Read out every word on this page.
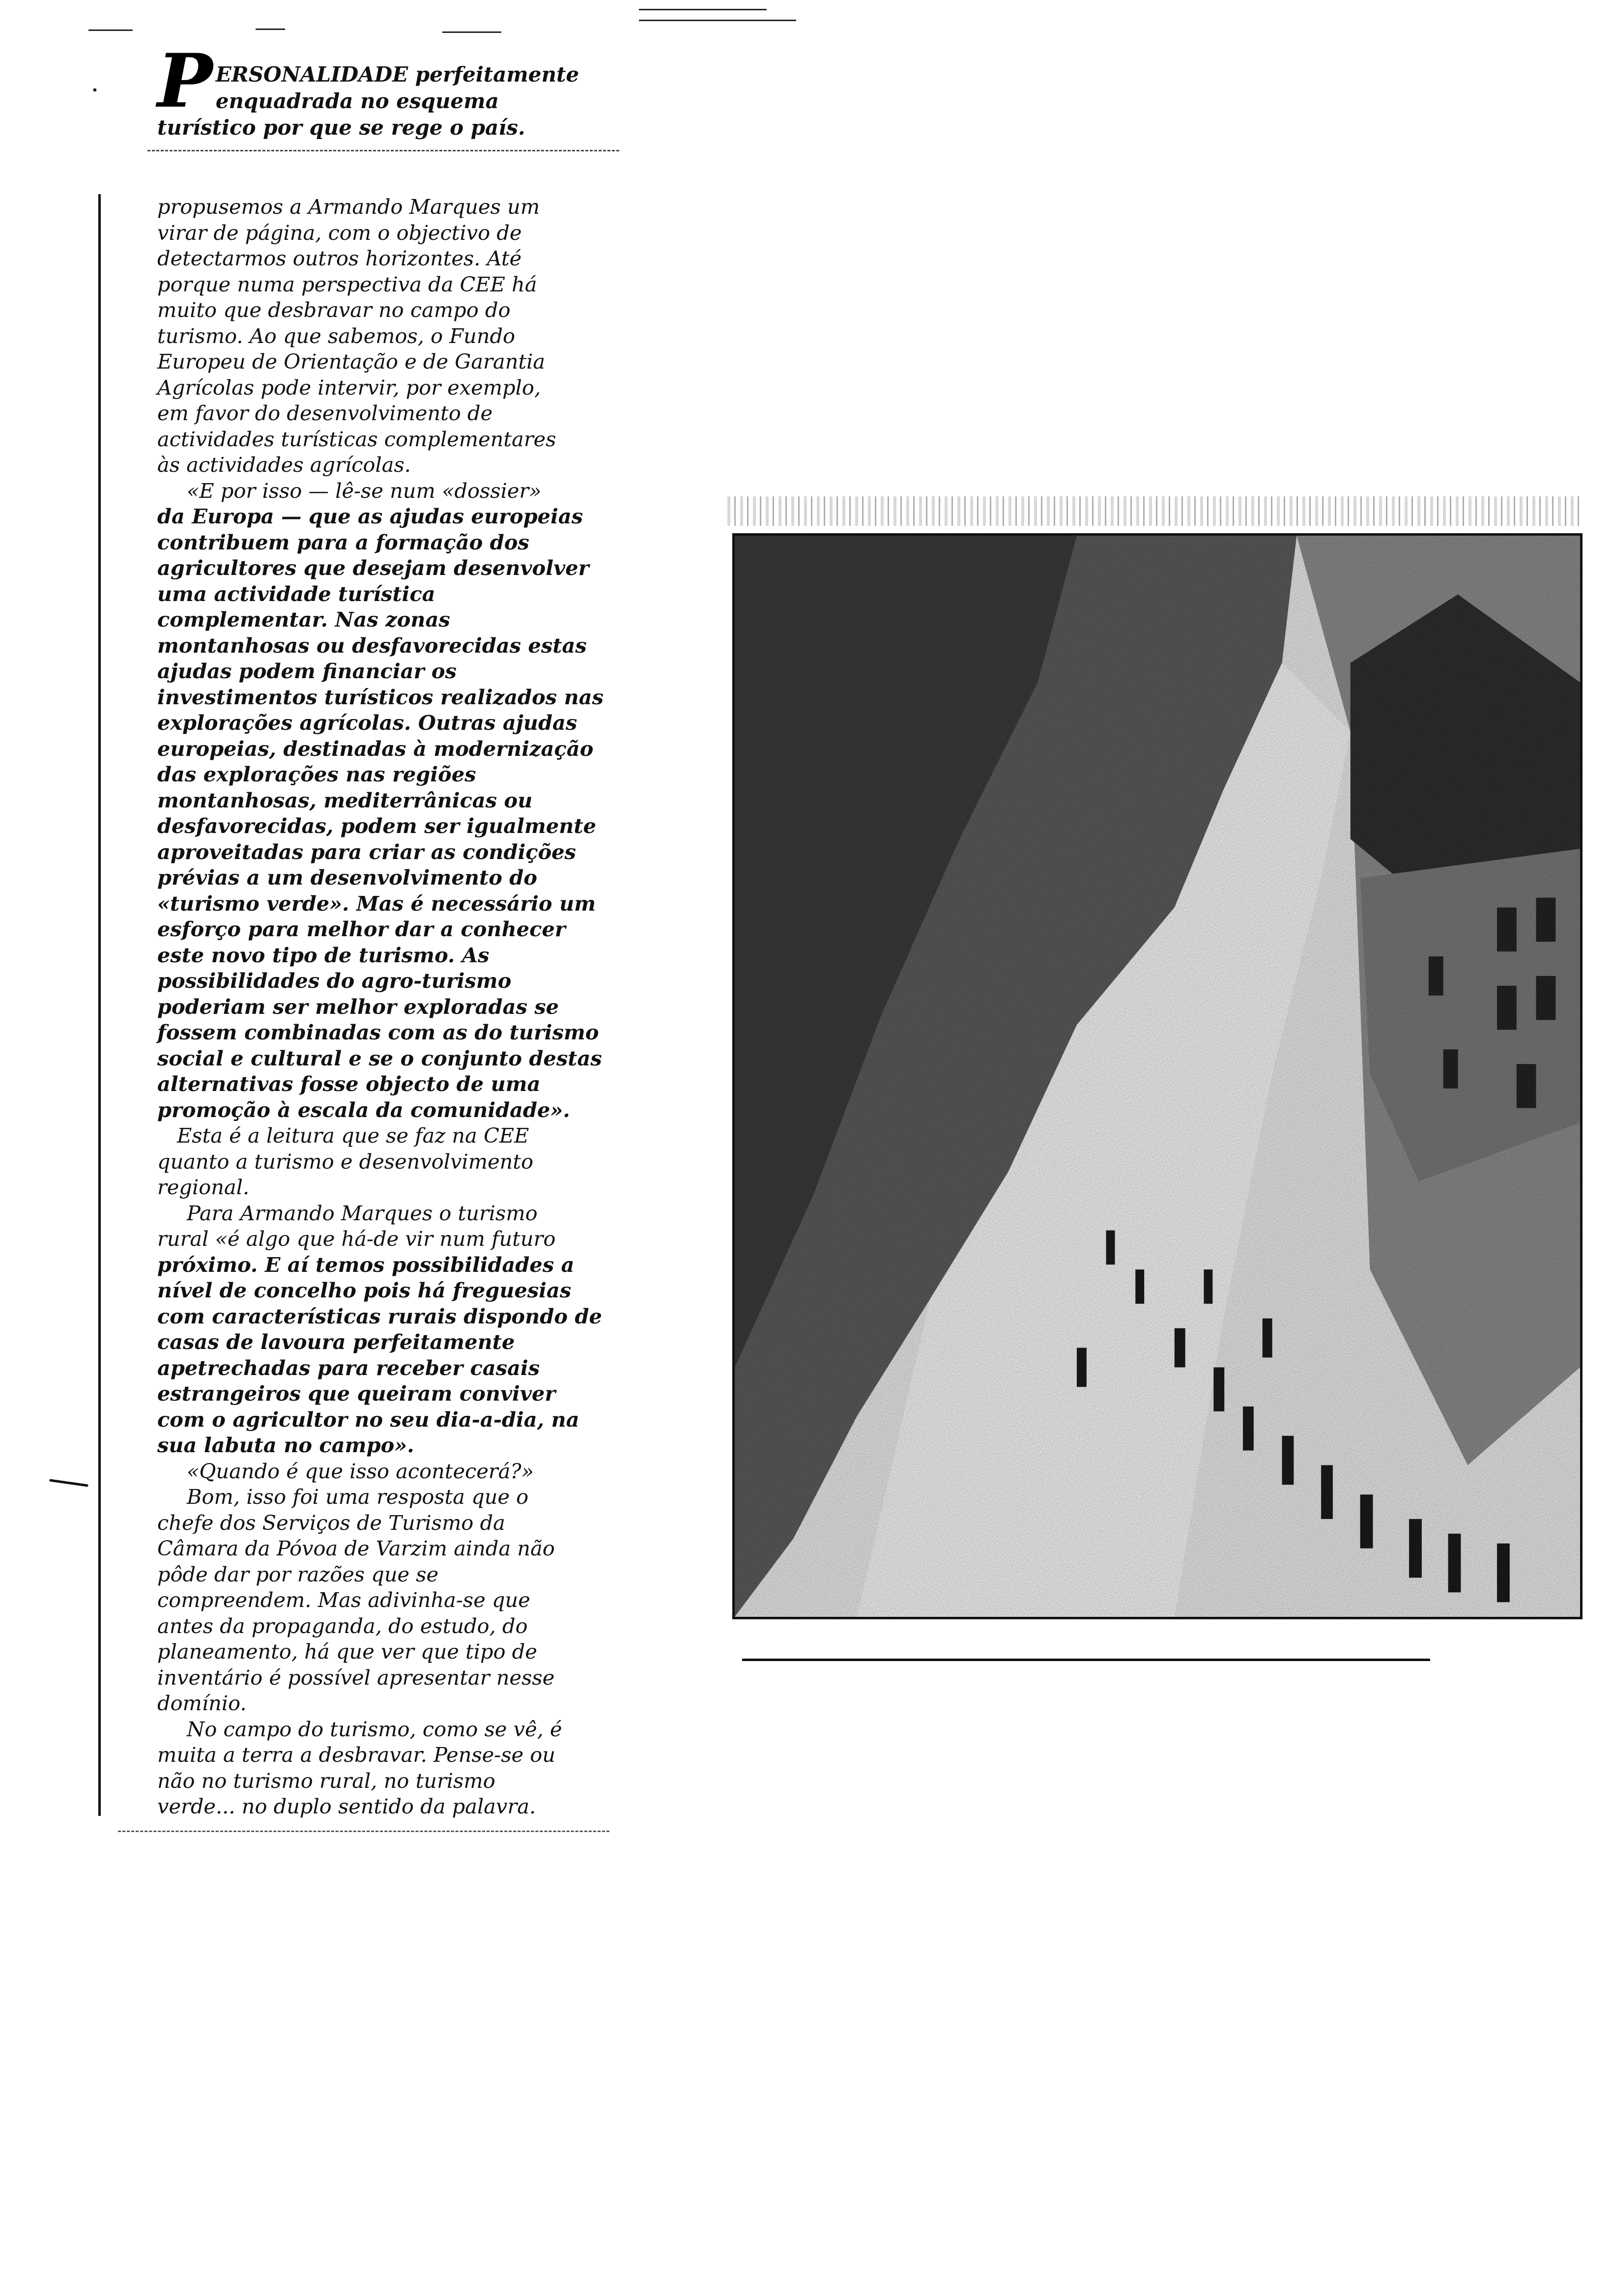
P ERSONALIDADE perfeitamente
enquadrada no esquema
turístico por que se rege o país.

propusemos a Armando Marques um
virar de página, com o objectivo de
detectarmos outros horizontes. Até
porque numa perspectiva da CEE há
muito que desbravar no campo do
turismo. Ao que sabemos, o Fundo
Europeu de Orientação e de Garantia
Agrícolas pode intervir, por exemplo,
em favor do desenvolvimento de
actividades turísticas complementares
às actividades agrícolas.

«E por isso — lê-se num «dossier»
da Europa — que as ajudas europeias
contribuem para a formação dos
agricultores que desejam desenvolver
uma actividade turística
complementar. Nas zonas
montanhosas ou desfavorecidas estas
ajudas podem financiar os
investimentos turísticos realizados nas
explorações agrícolas. Outras ajudas
europeias, destinadas à modernização
das explorações nas regiões
montanhosas, mediterrânicas ou
desfavorecidas, podem ser igualmente
aproveitadas para criar as condições
prévias a um desenvolvimento do
«turismo verde». Mas é necessário um
esforço para melhor dar a conhecer
este novo tipo de turismo. As
possibilidades do agro-turismo
poderiam ser melhor exploradas se
fossem combinadas com as do turismo
social e cultural e se o conjunto destas
alternativas fosse objecto de uma
promoção à escala da comunidade».

Esta é a leitura que se faz na CEE
quanto a turismo e desenvolvimento
regional.

Para Armando Marques o turismo
rural «é algo que há-de vir num futuro
próximo. E aí temos possibilidades a
nível de concelho pois há freguesias
com características rurais dispondo de
casas de lavoura perfeitamente
apetrechadas para receber casais
estrangeiros que queiram conviver
com o agricultor no seu dia-a-dia, na
sua labuta no campo».

«Quando é que isso acontecerá?»

Bom, isso foi uma resposta que o
chefe dos Serviços de Turismo da
Câmara da Póvoa de Varzim ainda não
pôde dar por razões que se
compreendem. Mas adivinha-se que
antes da propaganda, do estudo, do
planeamento, há que ver que tipo de
inventário é possível apresentar nesse
domínio.

No campo do turismo, como se vê, é
muita a terra a desbravar. Pense-se ou
não no turismo rural, no turismo
verde... no duplo sentido da palavra.
